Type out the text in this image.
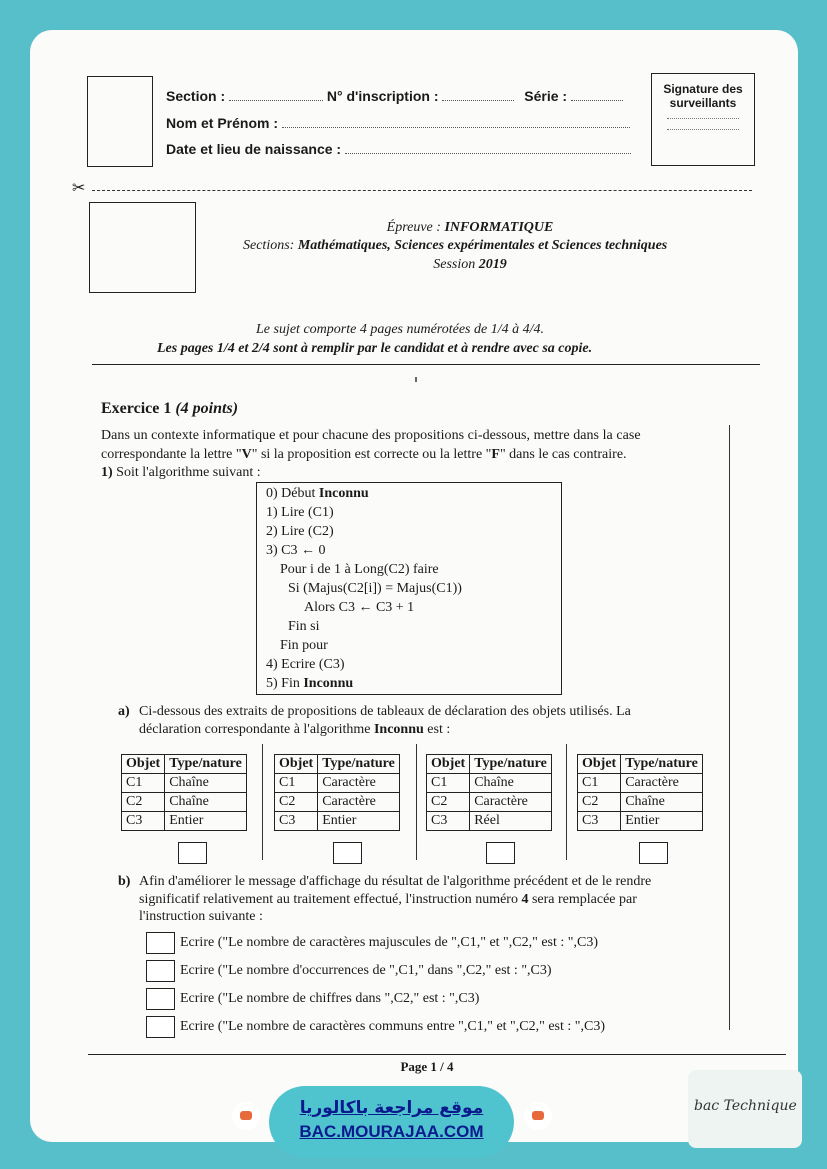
Section :	N° d'inscription :	Série :
Nom et Prénom :
Date et lieu de naissance :
Signature des surveillants
✂
Épreuve : INFORMATIQUE
Sections: Mathématiques, Sciences expérimentales et Sciences techniques
Session 2019
Le sujet comporte 4 pages numérotées de 1/4 à 4/4.
Les pages 1/4 et 2/4 sont à remplir par le candidat et à rendre avec sa copie.
Exercice 1 (4 points)
Dans un contexte informatique et pour chacune des propositions ci-dessous, mettre dans la case
correspondante la lettre "V" si la proposition est correcte ou la lettre "F" dans le cas contraire.
1) Soit l'algorithme suivant :
0) Début Inconnu
1) Lire (C1)
2) Lire (C2)
3) C3 ← 0
Pour i de 1 à Long(C2) faire
Si (Majus(C2[i]) = Majus(C1))
Alors C3 ← C3 + 1
Fin si
Fin pour
4) Ecrire (C3)
5) Fin Inconnu
a) Ci-dessous des extraits de propositions de tableaux de déclaration des objets utilisés. La
déclaration correspondante à l'algorithme Inconnu est :
Objet	Type/nature
C1	Chaîne
C2	Chaîne
C3	Entier
Objet	Type/nature
C1	Caractère
C2	Caractère
C3	Entier
Objet	Type/nature
C1	Chaîne
C2	Caractère
C3	Réel
Objet	Type/nature
C1	Caractère
C2	Chaîne
C3	Entier
b) Afin d'améliorer le message d'affichage du résultat de l'algorithme précédent et de le rendre
significatif relativement au traitement effectué, l'instruction numéro 4 sera remplacée par
l'instruction suivante :
Ecrire ("Le nombre de caractères majuscules de ",C1," et ",C2," est : ",C3)
Ecrire ("Le nombre d'occurrences de ",C1," dans ",C2," est : ",C3)
Ecrire ("Le nombre de chiffres dans ",C2," est : ",C3)
Ecrire ("Le nombre de caractères communs entre ",C1," et ",C2," est : ",C3)
Page 1 / 4
موقع مراجعة باكالوريا
BAC.MOURAJAA.COM
bac Technique
